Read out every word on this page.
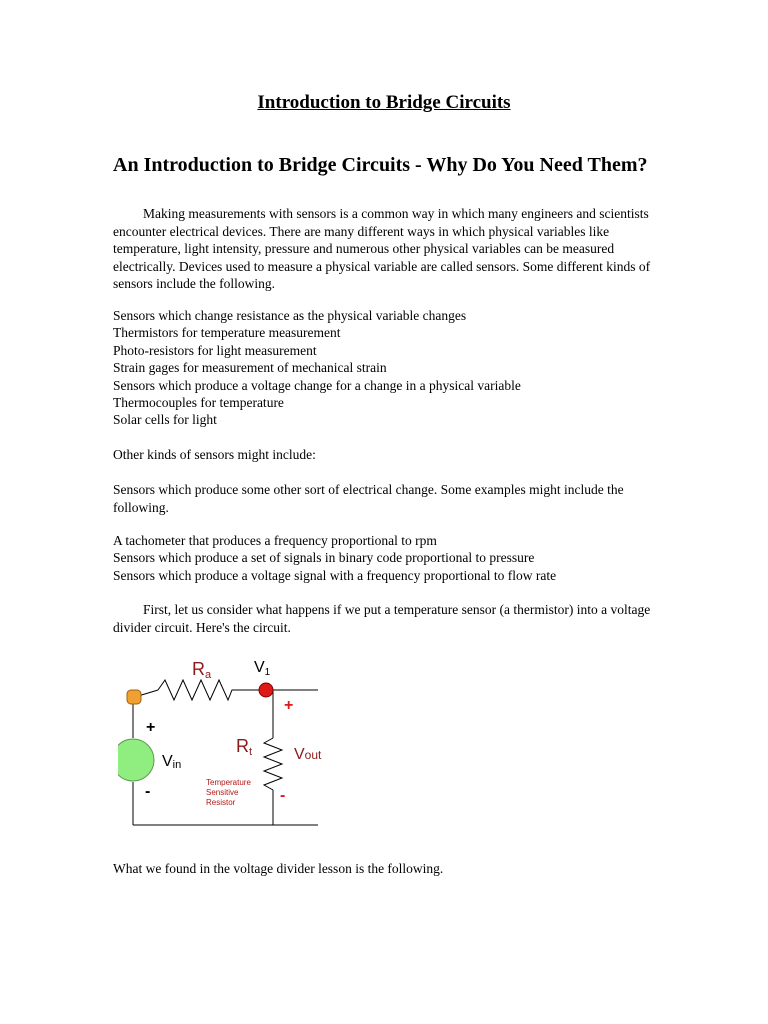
Introduction to Bridge Circuits
An Introduction to Bridge Circuits - Why Do You Need Them?

Making measurements with sensors is a common way in which many engineers and scientists encounter electrical devices. There are many different ways in which physical variables like temperature, light intensity, pressure and numerous other physical variables can be measured electrically. Devices used to measure a physical variable are called sensors. Some different kinds of sensors include the following.

Sensors which change resistance as the physical variable changes
Thermistors for temperature measurement
Photo-resistors for light measurement
Strain gages for measurement of mechanical strain
Sensors which produce a voltage change for a change in a physical variable
Thermocouples for temperature
Solar cells for light

Other kinds of sensors might include:

Sensors which produce some other sort of electrical change. Some examples might include the following.

A tachometer that produces a frequency proportional to rpm
Sensors which produce a set of signals in binary code proportional to pressure
Sensors which produce a voltage signal with a frequency proportional to flow rate

First, let us consider what happens if we put a temperature sensor (a thermistor) into a voltage divider circuit. Here's the circuit.

Ra	V1
+
Rt	Vout
-
+
Vin
-
Temperature
Sensitive
Resistor

What we found in the voltage divider lesson is the following.
